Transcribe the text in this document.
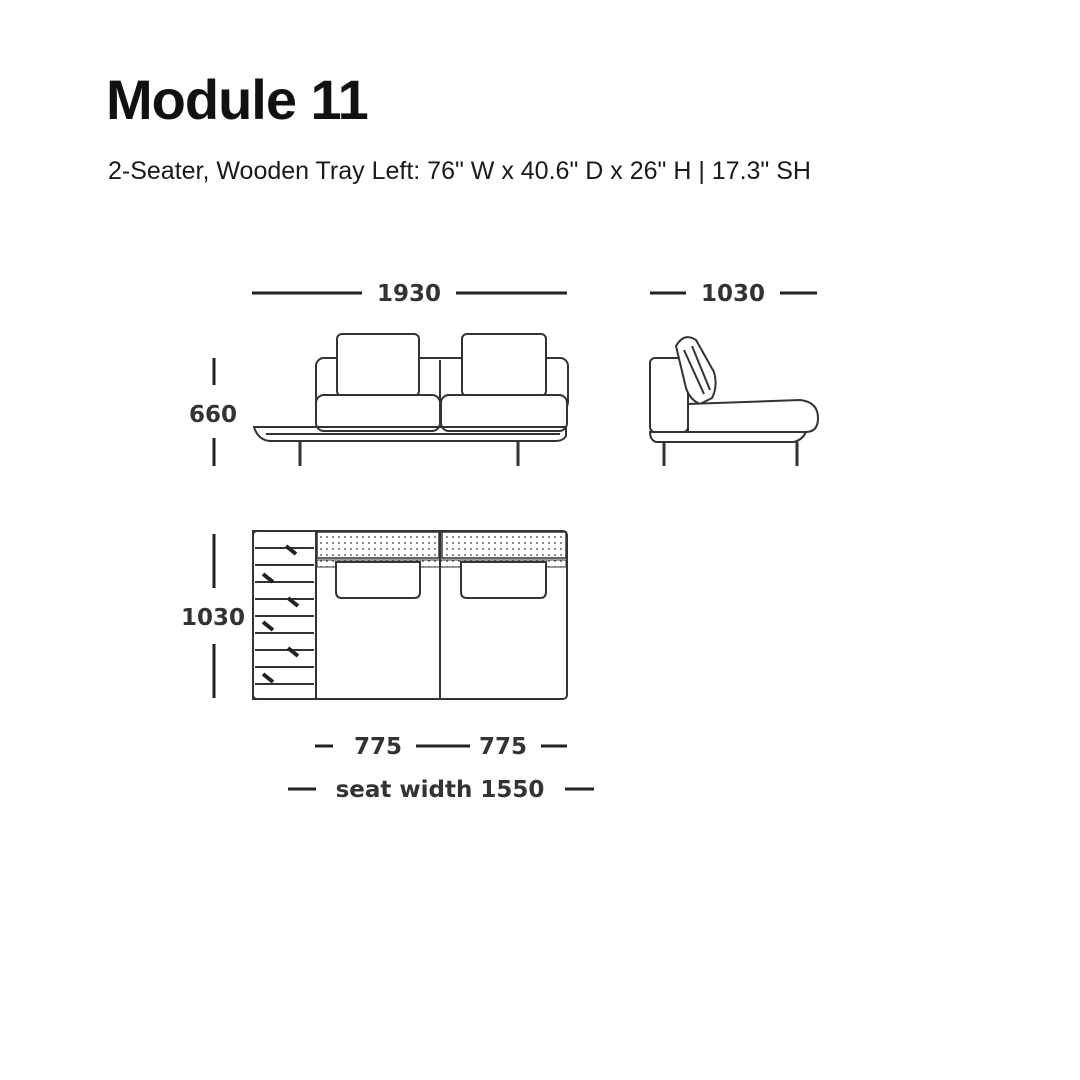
Module 11

2-Seater, Wooden Tray Left: 76" W x 40.6" D x 26" H | 17.3" SH

1930
660
1030
1030
775	775
seat width 1550
